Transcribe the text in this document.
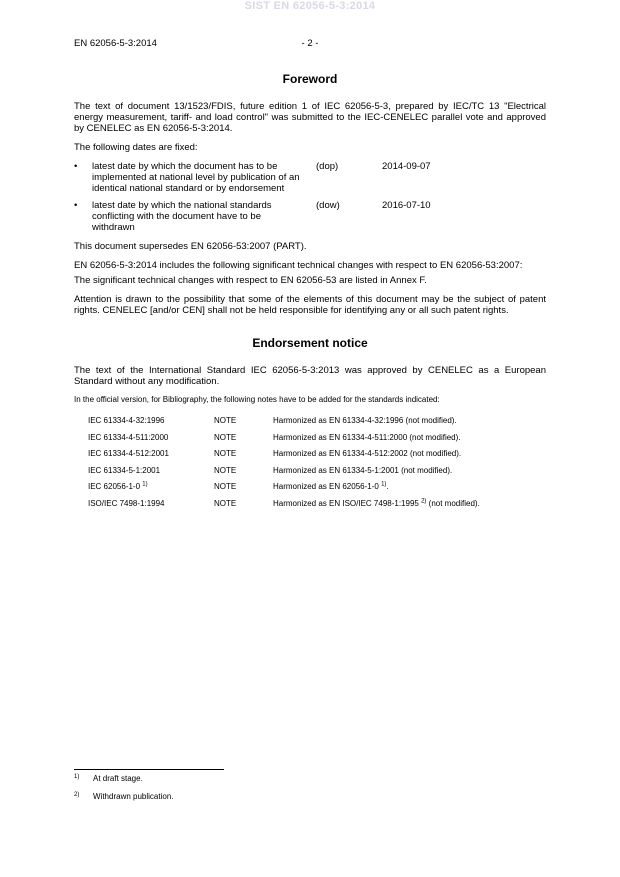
SIST EN 62056-5-3:2014
EN 62056-5-3:2014	- 2 -
Foreword

The text of document 13/1523/FDIS, future edition 1 of IEC 62056-5-3, prepared by IEC/TC 13 "Electrical energy measurement, tariff- and load control" was submitted to the IEC-CENELEC parallel vote and approved by CENELEC as EN 62056-5-3:2014.

The following dates are fixed:

• latest date by which the document has to be implemented at national level by publication of an identical national standard or by endorsement
(dop)	2014-09-07
• latest date by which the national standards conflicting with the document have to be withdrawn
(dow)	2016-07-10

This document supersedes EN 62056-53:2007 (PART).

EN 62056-5-3:2014 includes the following significant technical changes with respect to EN 62056-53:2007:

The significant technical changes with respect to EN 62056-53 are listed in Annex F.

Attention is drawn to the possibility that some of the elements of this document may be the subject of patent rights. CENELEC [and/or CEN] shall not be held responsible for identifying any or all such patent rights.

Endorsement notice

The text of the International Standard IEC 62056-5-3:2013 was approved by CENELEC as a European Standard without any modification.

In the official version, for Bibliography, the following notes have to be added for the standards indicated:

IEC 61334-4-32:1996	NOTE	Harmonized as EN 61334-4-32:1996 (not modified).
IEC 61334-4-511:2000	NOTE	Harmonized as EN 61334-4-511:2000 (not modified).
IEC 61334-4-512:2001	NOTE	Harmonized as EN 61334-4-512:2002 (not modified).
IEC 61334-5-1:2001	NOTE	Harmonized as EN 61334-5-1:2001 (not modified).
IEC 62056-1-0 $^{1)}$	NOTE	Harmonized as EN 62056-1-0 $^{1)}$.
ISO/IEC 7498-1:1994	NOTE	Harmonized as EN ISO/IEC 7498-1:1995 $^{2)}$ (not modified).
1)	At draft stage.
2)	Withdrawn publication.
